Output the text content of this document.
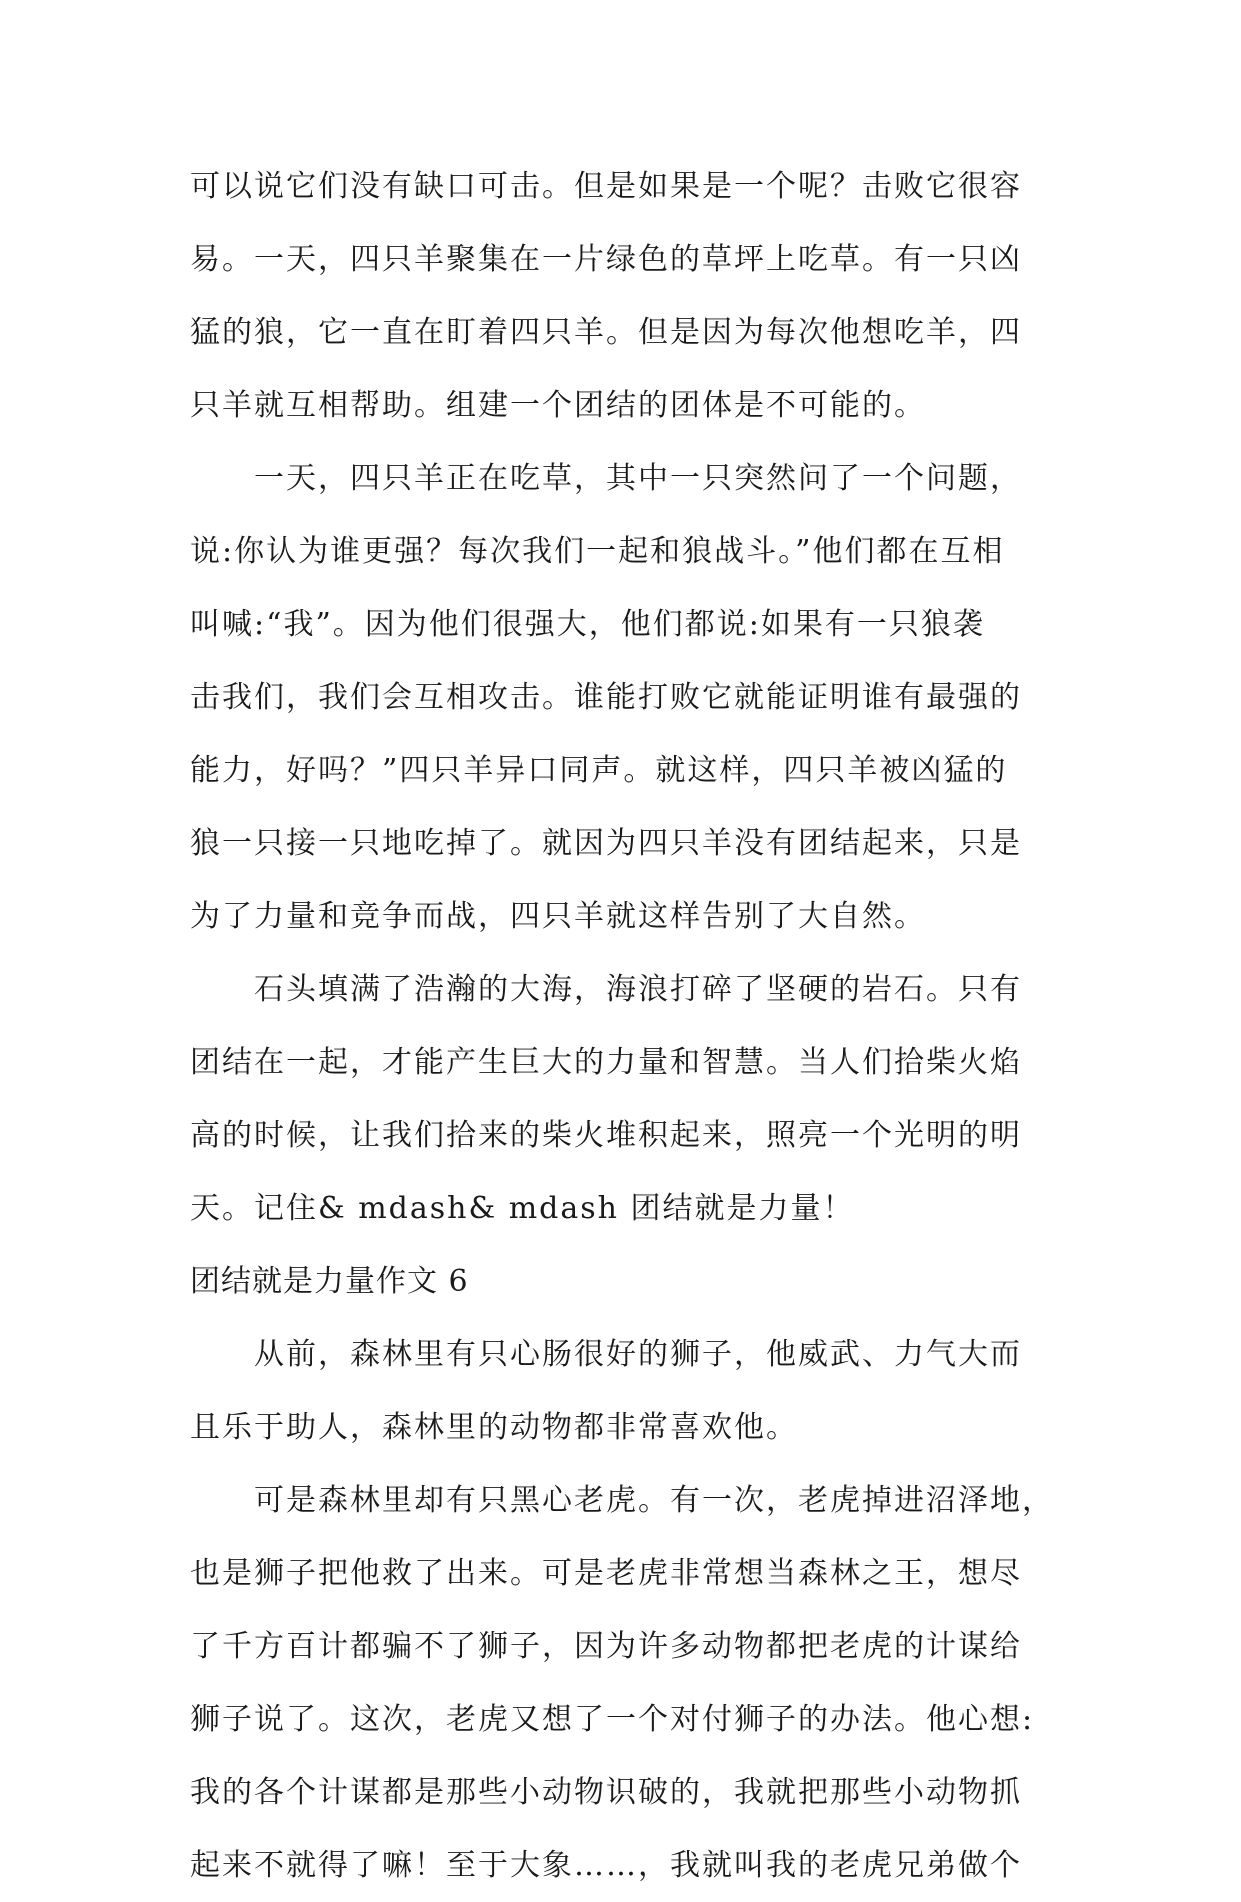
可以说它们没有缺口可击。但是如果是一个呢？击败它很容
易。一天，四只羊聚集在一片绿色的草坪上吃草。有一只凶
猛的狼，它一直在盯着四只羊。但是因为每次他想吃羊，四
只羊就互相帮助。组建一个团结的团体是不可能的。
一天，四只羊正在吃草，其中一只突然问了一个问题，
说:你认为谁更强？每次我们一起和狼战斗。”他们都在互相
叫喊:“我”。因为他们很强大，他们都说:如果有一只狼袭
击我们，我们会互相攻击。谁能打败它就能证明谁有最强的
能力，好吗？”四只羊异口同声。就这样，四只羊被凶猛的
狼一只接一只地吃掉了。就因为四只羊没有团结起来，只是
为了力量和竞争而战，四只羊就这样告别了大自然。
石头填满了浩瀚的大海，海浪打碎了坚硬的岩石。只有
团结在一起，才能产生巨大的力量和智慧。当人们拾柴火焰
高的时候，让我们拾来的柴火堆积起来，照亮一个光明的明
天。记住& mdash& mdash 团结就是力量！
团结就是力量作文 6
从前，森林里有只心肠很好的狮子，他威武、力气大而
且乐于助人，森林里的动物都非常喜欢他。
可是森林里却有只黑心老虎。有一次，老虎掉进沼泽地，
也是狮子把他救了出来。可是老虎非常想当森林之王，想尽
了千方百计都骗不了狮子，因为许多动物都把老虎的计谋给
狮子说了。这次，老虎又想了一个对付狮子的办法。他心想:
我的各个计谋都是那些小动物识破的，我就把那些小动物抓
起来不就得了嘛！至于大象……，我就叫我的老虎兄弟做个
